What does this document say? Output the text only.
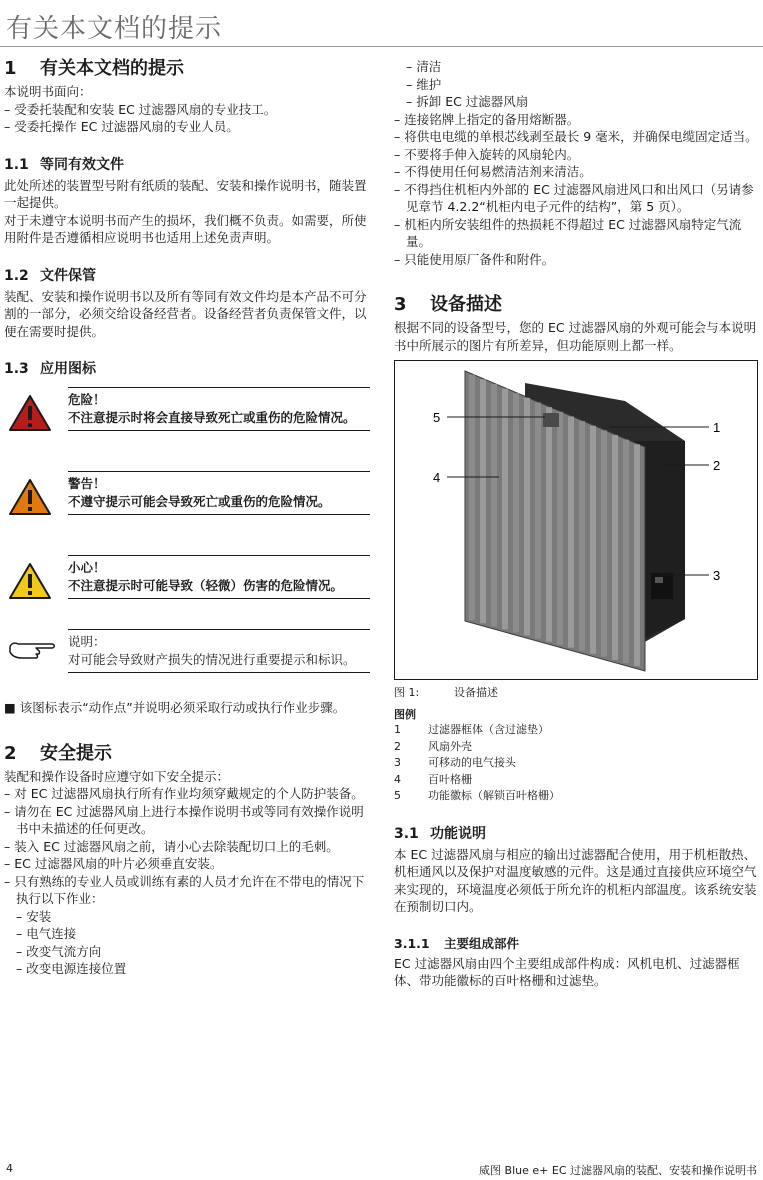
有关本文档的提示
1 有关本文档的提示

本说明书面向：

– 受委托装配和安装 EC 过滤器风扇的专业技工。
– 受委托操作 EC 过滤器风扇的专业人员。
1.1 等同有效文件

此处所述的装置型号附有纸质的装配、安装和操作说明书，随装置一起提供。

对于未遵守本说明书而产生的损坏，我们概不负责。如需要，所使用附件是否遵循相应说明书也适用上述免责声明。

1.2 文件保管

装配、安装和操作说明书以及所有等同有效文件均是本产品不可分割的一部分，必须交给设备经营者。设备经营者负责保管文件，以便在需要时提供。

1.3 应用图标
危险！
不注意提示时将会直接导致死亡或重伤的危险情况。
警告！
不遵守提示可能会导致死亡或重伤的危险情况。
小心！
不注意提示时可能导致（轻微）伤害的危险情况。
说明：
对可能会导致财产损失的情况进行重要提示和标识。

■ 该图标表示“动作点”并说明必须采取行动或执行作业步骤。

2 安全提示

装配和操作设备时应遵守如下安全提示：

– 对 EC 过滤器风扇执行所有作业均须穿戴规定的个人防护装备。
– 请勿在 EC 过滤器风扇上进行本操作说明书或等同有效操作说明书中未描述的任何更改。
– 装入 EC 过滤器风扇之前，请小心去除装配切口上的毛刺。
– EC 过滤器风扇的叶片必须垂直安装。
– 只有熟练的专业人员或训练有素的人员才允许在不带电的情况下执行以下作业：
– 安装
– 电气连接
– 改变气流方向
– 改变电源连接位置
– 清洁
– 维护
– 拆卸 EC 过滤器风扇
– 连接铭牌上指定的备用熔断器。
– 将供电电缆的单根芯线剥至最长 9 毫米，并确保电缆固定适当。
– 不要将手伸入旋转的风扇轮内。
– 不得使用任何易燃清洁剂来清洁。
– 不得挡住机柜内外部的 EC 过滤器风扇进风口和出风口（另请参见章节 4.2.2“机柜内电子元件的结构”，第 5 页）。
– 机柜内所安装组件的热损耗不得超过 EC 过滤器风扇特定气流量。
– 只能使用原厂备件和附件。
3 设备描述

根据不同的设备型号，您的 EC 过滤器风扇的外观可能会与本说明书中所展示的图片有所差异，但功能原则上都一样。

5
1
2
4
3
图 1:	设备描述
图例
1 过滤器框体（含过滤垫）
2 风扇外壳
3 可移动的电气接头
4 百叶格栅
5 功能徽标（解锁百叶格栅）
3.1 功能说明

本 EC 过滤器风扇与相应的输出过滤器配合使用，用于机柜散热、机柜通风以及保护对温度敏感的元件。这是通过直接供应环境空气来实现的，环境温度必须低于所允许的机柜内部温度。该系统安装在预制切口内。

3.1.1 主要组成部件

EC 过滤器风扇由四个主要组成部件构成：风机电机、过滤器框体、带功能徽标的百叶格栅和过滤垫。

4	威图 Blue e+ EC 过滤器风扇的装配、安装和操作说明书
